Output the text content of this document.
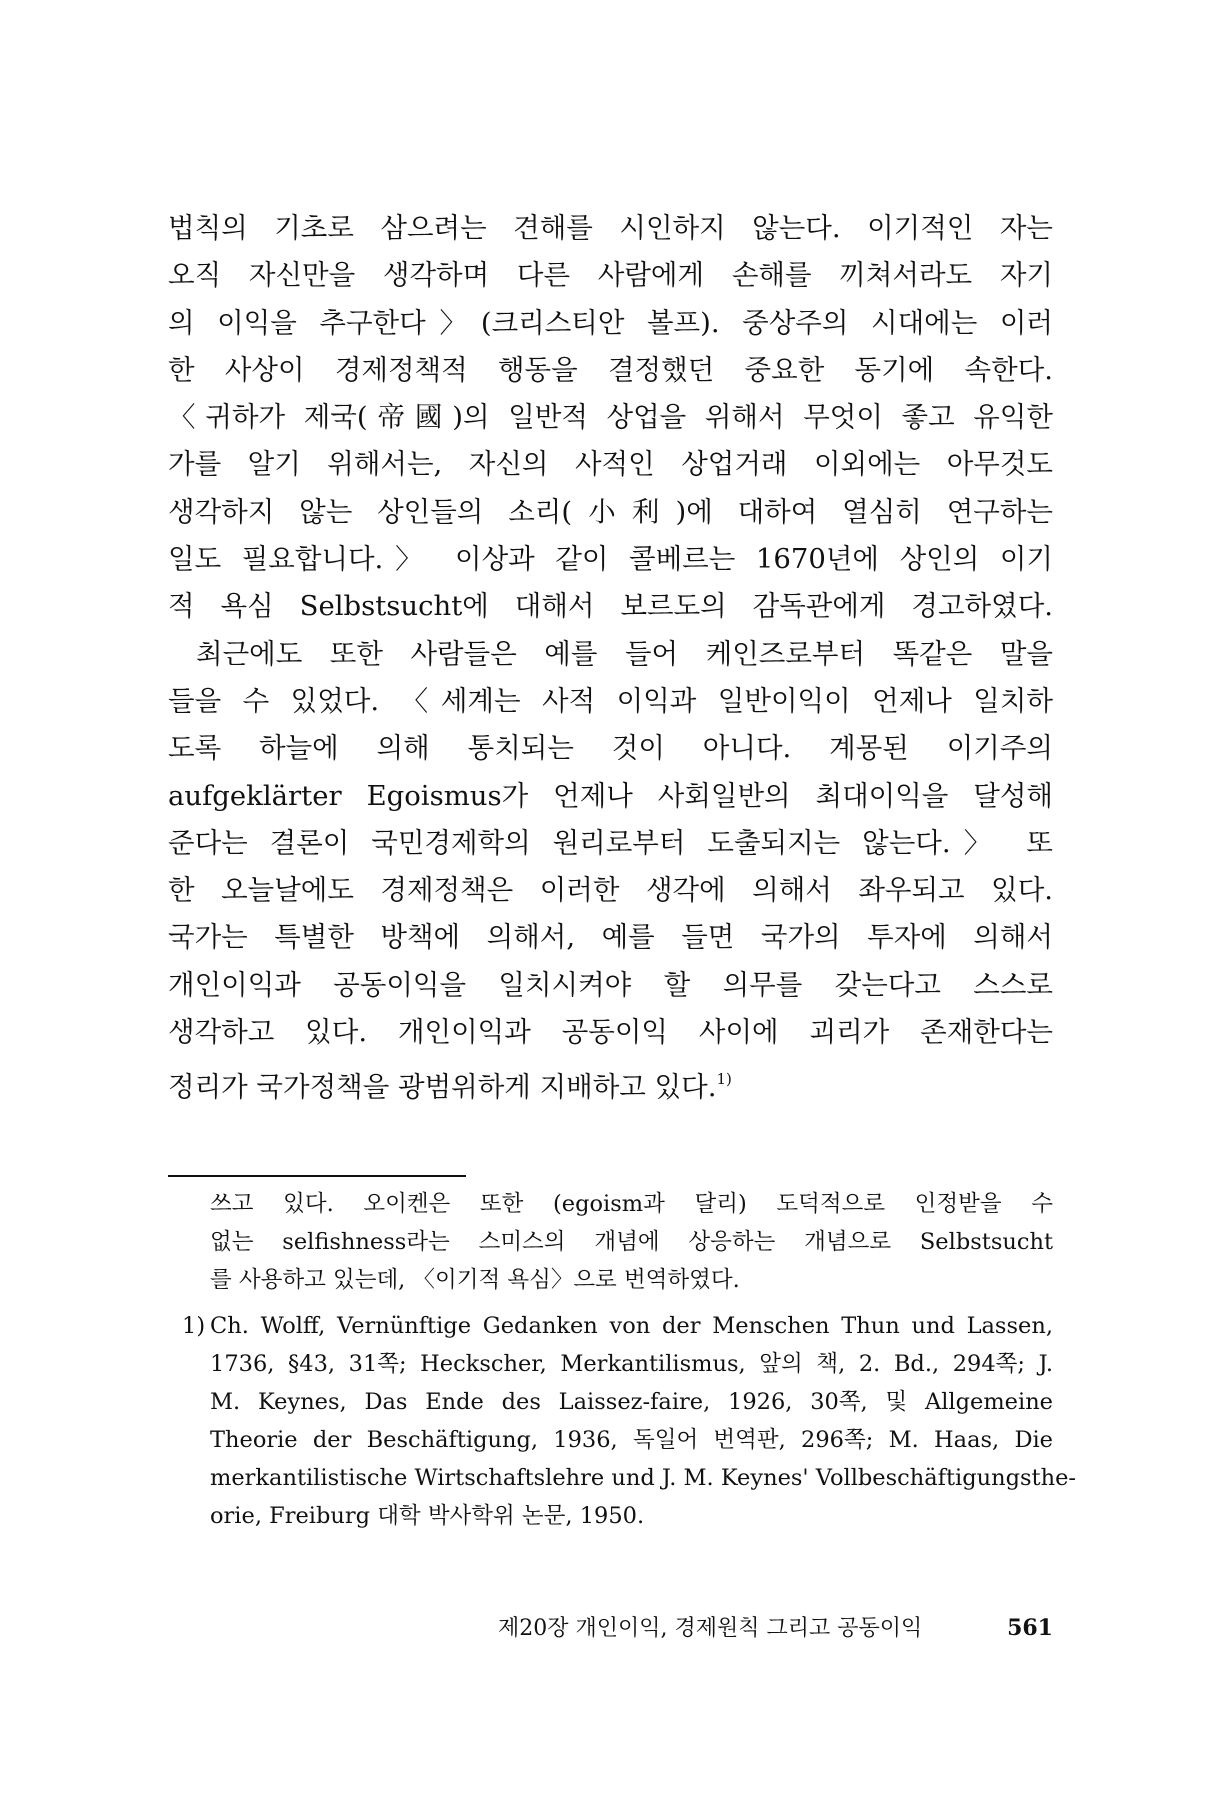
법칙의 기초로 삼으려는 견해를 시인하지 않는다. 이기적인 자는
오직 자신만을 생각하며 다른 사람에게 손해를 끼쳐서라도 자기
의 이익을 추구한다〉(크리스티안 볼프). 중상주의 시대에는 이러
한 사상이 경제정책적 행동을 결정했던 중요한 동기에 속한다.
〈귀하가 제국(帝國)의 일반적 상업을 위해서 무엇이 좋고 유익한
가를 알기 위해서는, 자신의 사적인 상업거래 이외에는 아무것도
생각하지 않는 상인들의 소리(小利)에 대하여 열심히 연구하는
일도 필요합니다.〉 이상과 같이 콜베르는 1670년에 상인의 이기
적 욕심 Selbstsucht에 대해서 보르도의 감독관에게 경고하였다.
최근에도 또한 사람들은 예를 들어 케인즈로부터 똑같은 말을
들을 수 있었다. 〈세계는 사적 이익과 일반이익이 언제나 일치하
도록 하늘에 의해 통치되는 것이 아니다. 계몽된 이기주의
aufgeklärter Egoismus가 언제나 사회일반의 최대이익을 달성해
준다는 결론이 국민경제학의 원리로부터 도출되지는 않는다.〉 또
한 오늘날에도 경제정책은 이러한 생각에 의해서 좌우되고 있다.
국가는 특별한 방책에 의해서, 예를 들면 국가의 투자에 의해서
개인이익과 공동이익을 일치시켜야 할 의무를 갖는다고 스스로
생각하고 있다. 개인이익과 공동이익 사이에 괴리가 존재한다는
정리가 국가정책을 광범위하게 지배하고 있다.$^{1)}$
쓰고 있다. 오이켄은 또한 (egoism과 달리) 도덕적으로 인정받을 수
없는 selfishness라는 스미스의 개념에 상응하는 개념으로 Selbstsucht
를 사용하고 있는데, 〈이기적 욕심〉으로 번역하였다.
1) Ch. Wolff, Vernünftige Gedanken von der Menschen Thun und Lassen,
1736, §43, 31쪽; Heckscher, Merkantilismus, 앞의 책, 2. Bd., 294쪽; J.
M. Keynes, Das Ende des Laissez-faire, 1926, 30쪽, 및 Allgemeine
Theorie der Beschäftigung, 1936, 독일어 번역판, 296쪽; M. Haas, Die
merkantilistische Wirtschaftslehre und J. M. Keynes' Vollbeschäftigungsthe-
orie, Freiburg 대학 박사학위 논문, 1950.
제20장 개인이익, 경제원칙 그리고 공동이익	561
